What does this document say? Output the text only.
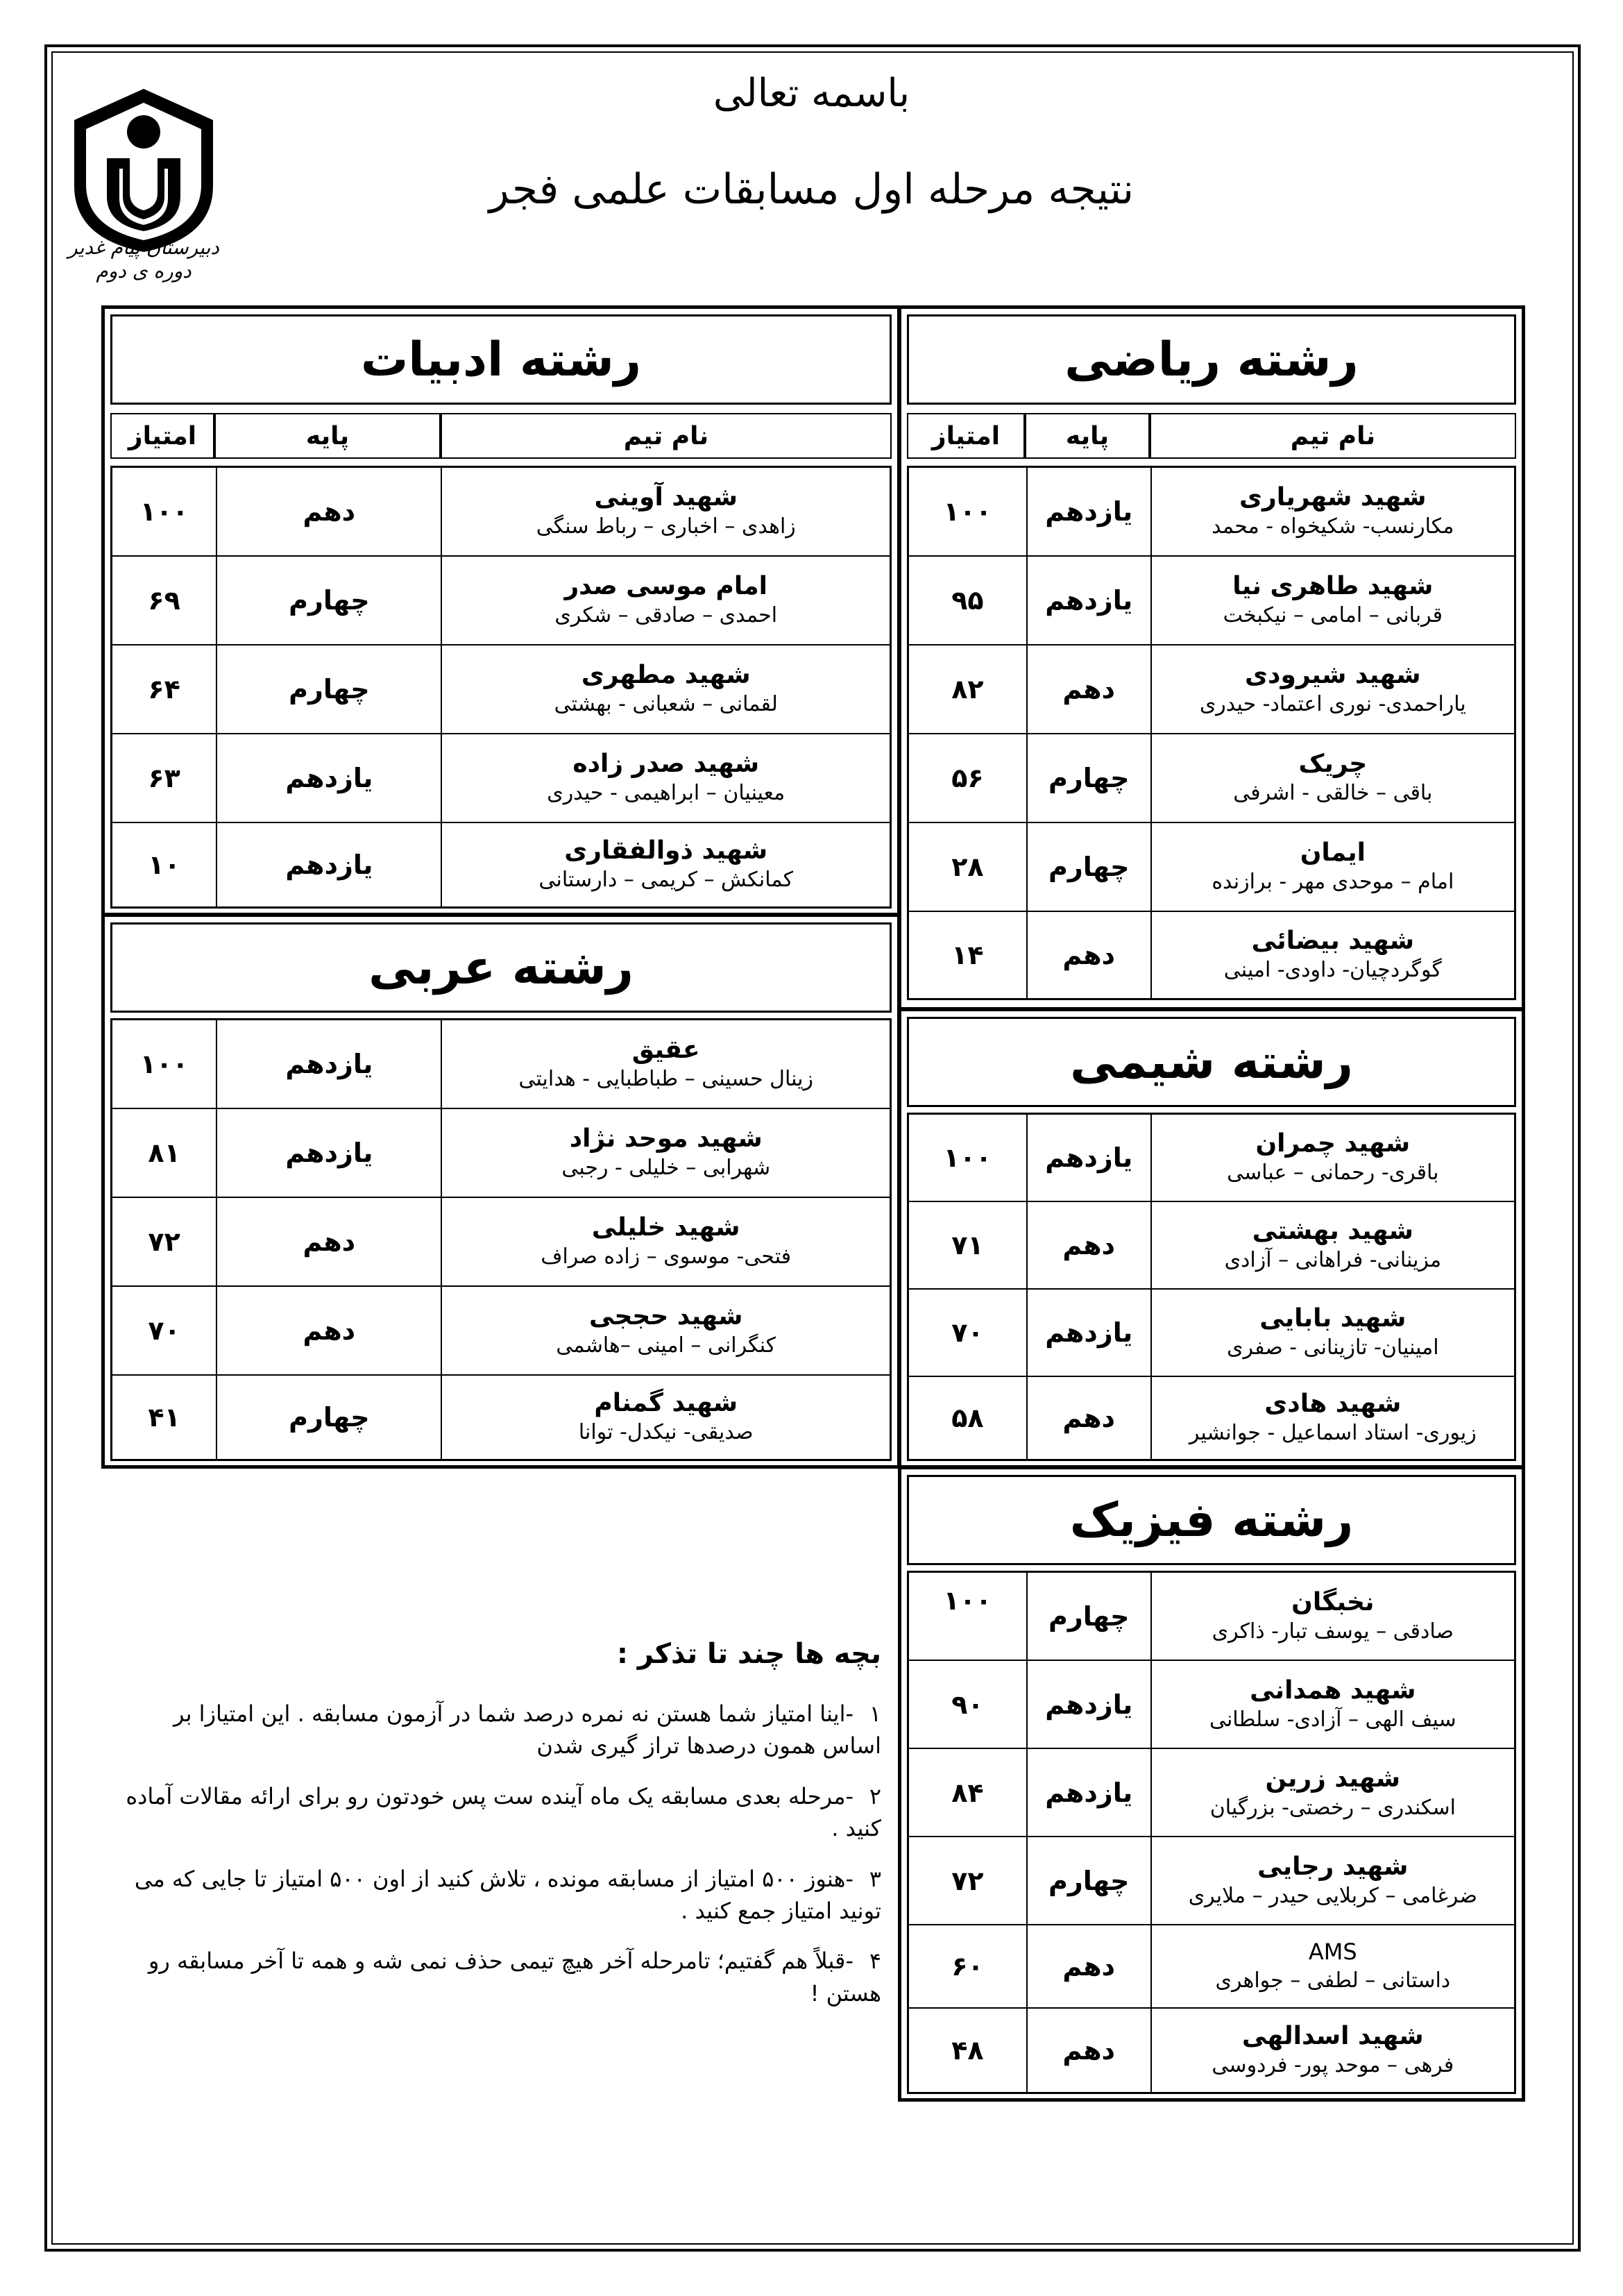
دبیرستان پیام غدیر
دوره ی دوم
باسمه تعالی
نتیجه مرحله اول مسابقات علمی فجر
رشته ریاضی
نام تیم
پایه
امتیاز
شهید شهریاری
مکارنسب- شکیخواه - محمد
یازدهم
۱۰۰
شهید طاهری نیا
قربانی – امامی – نیکبخت
یازدهم
۹۵
شهید شیرودی
یاراحمدی- نوری اعتماد- حیدری
دهم
۸۲
چریک
باقی – خالقی - اشرفی
چهارم
۵۶
ایمان
امام – موحدی مهر - برازنده
چهارم
۲۸
شهید بیضائی
گوگردچیان- داودی- امینی
دهم
۱۴
رشته ادبیات
نام تیم
پایه
امتیاز
شهید آوینی
زاهدی – اخباری – رباط سنگی
دهم
۱۰۰
امام موسی صدر
احمدی – صادقی – شکری
چهارم
۶۹
شهید مطهری
لقمانی – شعبانی - بهشتی
چهارم
۶۴
شهید صدر زاده
معینیان – ابراهیمی - حیدری
یازدهم
۶۳
شهید ذوالفقاری
کمانکش – کریمی – دارستانی
یازدهم
۱۰
رشته عربی
عقیق
زینال حسینی – طباطبایی - هدایتی
یازدهم
۱۰۰
شهید موحد نژاد
شهرابی – خلیلی - رجبی
یازدهم
۸۱
شهید خلیلی
فتحی- موسوی – زاده صراف
دهم
۷۲
شهید حججی
کنگرانی – امینی –هاشمی
دهم
۷۰
شهید گمنام
صدیقی- نیکدل- توانا
چهارم
۴۱
رشته شیمی
شهید چمران
باقری- رحمانی – عباسی
یازدهم
۱۰۰
شهید بهشتی
مزینانی- فراهانی – آزادی
دهم
۷۱
شهید بابایی
امینیان- تازینانی - صفری
یازدهم
۷۰
شهید هادی
زیوری- استاد اسماعیل - جوانشیر
دهم
۵۸
رشته فیزیک
نخبگان
صادقی – یوسف تبار- ذاکری
چهارم
۱۰۰
شهید همدانی
سیف الهی – آزادی- سلطانی
یازدهم
۹۰
شهید زرین
اسکندری – رخصتی- بزرگیان
یازدهم
۸۴
شهید رجایی
ضرغامی – کربلایی حیدر – ملایری
چهارم
۷۲
AMS
داستانی – لطفی – جواهری
دهم
۶۰
شهید اسدالهی
فرهی – موحد پور- فردوسی
دهم
۴۸
بچه ها چند تا تذکر :
۱-اینا امتیاز شما هستن نه نمره درصد شما در آزمون مسابقه . این امتیازا بر اساس همون درصدها تراز گیری شدن
۲-مرحله بعدی مسابقه یک ماه آینده ست پس خودتون رو برای ارائه مقالات آماده کنید .
۳-هنوز ۵۰۰ امتیاز از مسابقه مونده ، تلاش کنید از اون ۵۰۰ امتیاز تا جایی که می تونید امتیاز جمع کنید .
۴-قبلاً هم گفتیم؛ تامرحله آخر هیچ تیمی حذف نمی شه و همه تا آخر مسابقه رو هستن !
